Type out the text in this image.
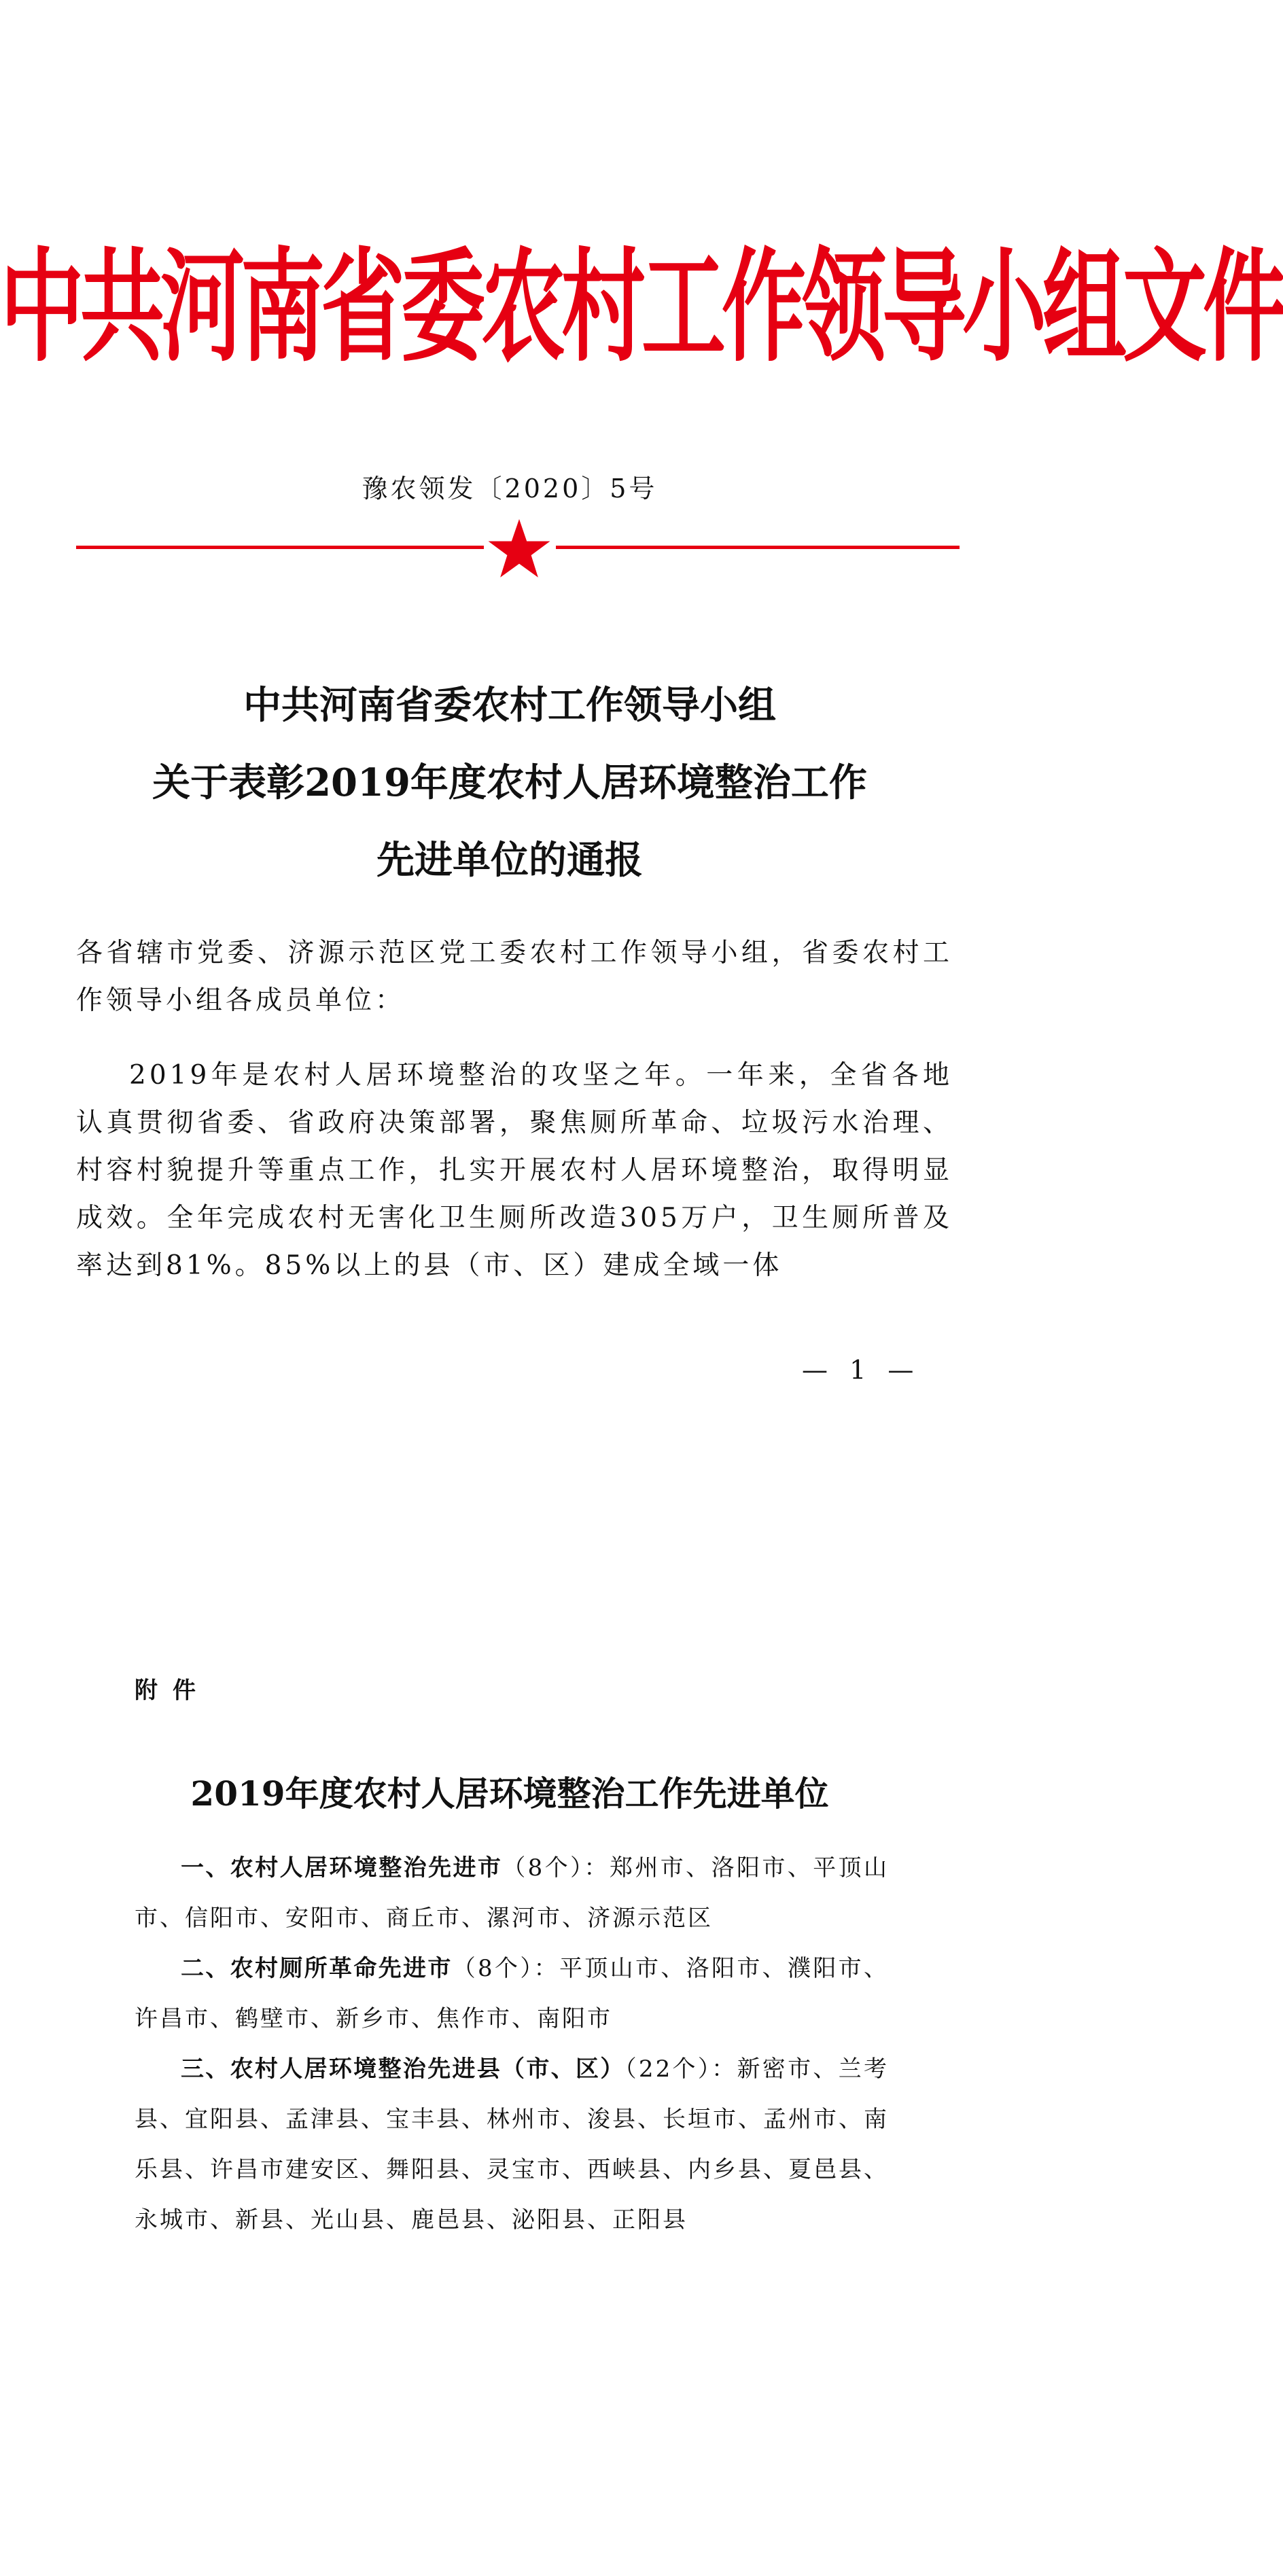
中共河南省委农村工作领导小组文件
豫农领发〔2020〕5号
中共河南省委农村工作领导小组
关于表彰2019年度农村人居环境整治工作
先进单位的通报
各省辖市党委、济源示范区党工委农村工作领导小组，省委农村工作领导小组各成员单位：
2019年是农村人居环境整治的攻坚之年。一年来，全省各地认真贯彻省委、省政府决策部署，聚焦厕所革命、垃圾污水治理、村容村貌提升等重点工作，扎实开展农村人居环境整治，取得明显成效。全年完成农村无害化卫生厕所改造305万户，卫生厕所普及率达到81%。85%以上的县（市、区）建成全域一体
— 1 —
附件
2019年度农村人居环境整治工作先进单位
一、农村人居环境整治先进市（8个）：郑州市、洛阳市、平顶山市、信阳市、安阳市、商丘市、漯河市、济源示范区
二、农村厕所革命先进市（8个）：平顶山市、洛阳市、濮阳市、许昌市、鹤壁市、新乡市、焦作市、南阳市
三、农村人居环境整治先进县（市、区）（22个）：新密市、兰考县、宜阳县、孟津县、宝丰县、林州市、浚县、长垣市、孟州市、南乐县、许昌市建安区、舞阳县、灵宝市、西峡县、内乡县、夏邑县、永城市、新县、光山县、鹿邑县、泌阳县、正阳县
